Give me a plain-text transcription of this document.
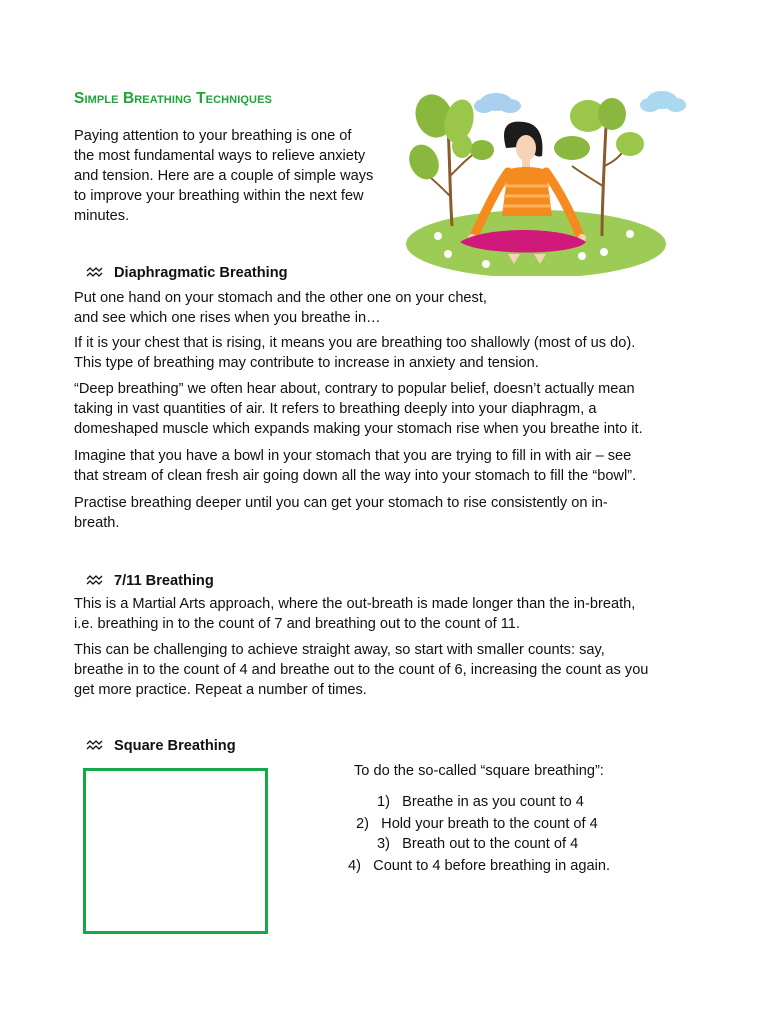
Simple Breathing Techniques
Paying attention to your breathing is one of
the most fundamental ways to relieve anxiety
and tension. Here are a couple of simple ways
to improve your breathing within the next few
minutes.
Diaphragmatic Breathing
Put one hand on your stomach and the other one on your chest,
and see which one rises when you breathe in…
If it is your chest that is rising, it means you are breathing too shallowly (most of us do).
This type of breathing may contribute to increase in anxiety and tension.
“Deep breathing” we often hear about, contrary to popular belief, doesn’t actually mean
taking in vast quantities of air. It refers to breathing deeply into your diaphragm, a
domeshaped muscle which expands making your stomach rise when you breathe into it.
Imagine that you have a bowl in your stomach that you are trying to fill in with air – see
that stream of clean fresh air going down all the way into your stomach to fill the “bowl”.
Practise breathing deeper until you can get your stomach to rise consistently on in-
breath.
7/11 Breathing
This is a Martial Arts approach, where the out-breath is made longer than the in-breath,
i.e. breathing in to the count of 7 and breathing out to the count of 11.
This can be challenging to achieve straight away, so start with smaller counts: say,
breathe in to the count of 4 and breathe out to the count of 6, increasing the count as you
get more practice. Repeat a number of times.
Square Breathing
To do the so-called “square breathing”:
1) Breathe in as you count to 4
2) Hold your breath to the count of 4
3) Breath out to the count of 4
4) Count to 4 before breathing in again.
